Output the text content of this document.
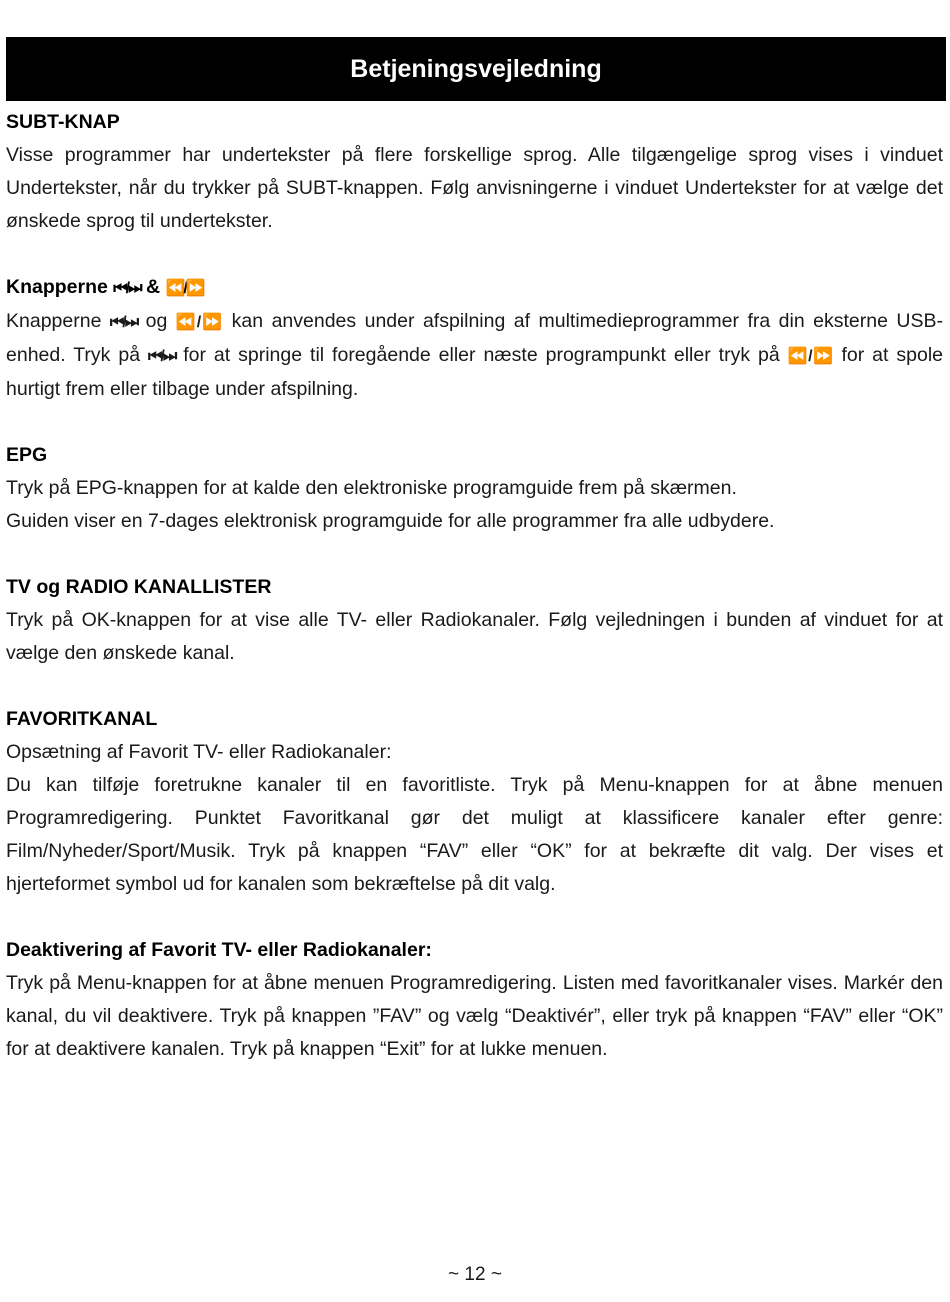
Betjeningsvejledning
SUBT-KNAP

Visse programmer har undertekster på flere forskellige sprog. Alle tilgængelige sprog vises i vinduet Undertekster, når du trykker på SUBT-knappen. Følg anvisningerne i vinduet Undertekster for at vælge det ønskede sprog til undertekster.

Knapperne ⏮/⏭ & ⏪/⏩

Knapperne ⏮/⏭ og ⏪/⏩ kan anvendes under afspilning af multimedieprogrammer fra din eksterne USB-enhed. Tryk på ⏮/⏭ for at springe til foregående eller næste programpunkt eller tryk på ⏪/⏩ for at spole hurtigt frem eller tilbage under afspilning.

EPG

Tryk på EPG-knappen for at kalde den elektroniske programguide frem på skærmen.

Guiden viser en 7-dages elektronisk programguide for alle programmer fra alle udbydere.

TV og RADIO KANALLISTER

Tryk på OK-knappen for at vise alle TV- eller Radiokanaler. Følg vejledningen i bunden af vinduet for at vælge den ønskede kanal.

FAVORITKANAL

Opsætning af Favorit TV- eller Radiokanaler:

Du kan tilføje foretrukne kanaler til en favoritliste. Tryk på Menu-knappen for at åbne menuen Programredigering. Punktet Favoritkanal gør det muligt at klassificere kanaler efter genre: Film/Nyheder/Sport/Musik. Tryk på knappen “FAV” eller “OK” for at bekræfte dit valg. Der vises et hjerteformet symbol ud for kanalen som bekræftelse på dit valg.

Deaktivering af Favorit TV- eller Radiokanaler:

Tryk på Menu-knappen for at åbne menuen Programredigering. Listen med favoritkanaler vises. Markér den kanal, du vil deaktivere. Tryk på knappen ”FAV” og vælg “Deaktivér”, eller tryk på knappen “FAV” eller “OK” for at deaktivere kanalen. Tryk på knappen “Exit” for at lukke menuen.

~ 12 ~
